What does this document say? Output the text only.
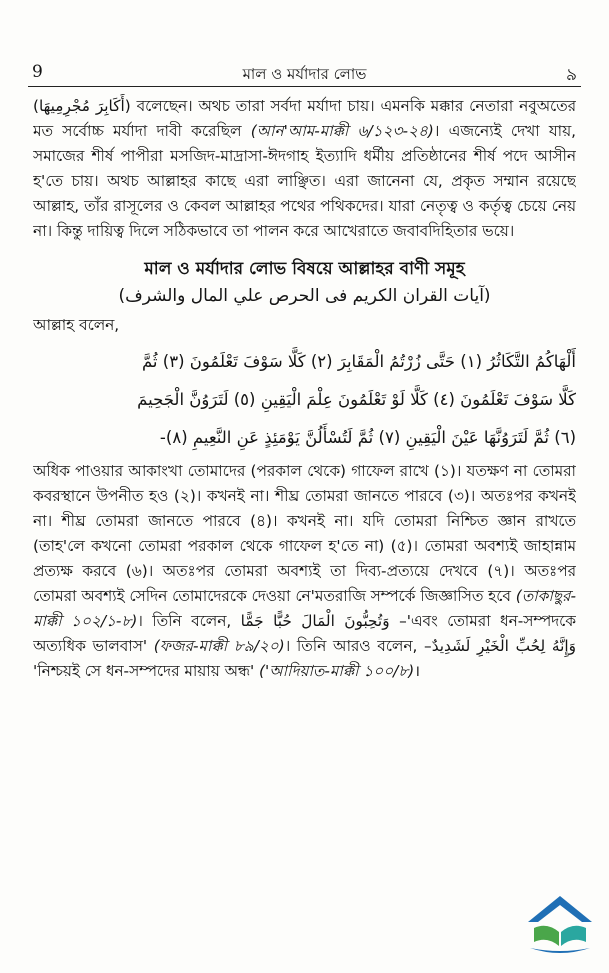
9	মাল ও মর্যাদার লোভ	৯

(أَكَابِرَ مُجْرِمِيهَا) বলেছেন। অথচ তারা সর্বদা মর্যাদা চায়। এমনকি মক্কার নেতারা নবুঅতের মত সর্বোচ্চ মর্যাদা দাবী করেছিল (আন'আম-মাক্কী ৬/১২৩-২৪)। এজন্যেই দেখা যায়, সমাজের শীর্ষ পাপীরা মসজিদ-মাদ্রাসা-ঈদগাহ ইত্যাদি ধর্মীয় প্রতিষ্ঠানের শীর্ষ পদে আসীন হ'তে চায়। অথচ আল্লাহর কাছে এরা লাঞ্ছিত। এরা জানেনা যে, প্রকৃত সম্মান রয়েছে আল্লাহ, তাঁর রাসূলের ও কেবল আল্লাহর পথের পথিকদের। যারা নেতৃত্ব ও কর্তৃত্ব চেয়ে নেয় না। কিন্তু দায়িত্ব দিলে সঠিকভাবে তা পালন করে আখেরাতে জবাবদিহিতার ভয়ে।

মাল ও মর্যাদার লোভ বিষয়ে আল্লাহর বাণী সমূহ
(آيات القران الكريم فى الحرص علي المال والشرف)
আল্লাহ বলেন,
أَلْهَاكُمُ التَّكَاثُرُ (١) حَتَّى زُرْتُمُ الْمَقَابِرَ (٢) كَلَّا سَوْفَ تَعْلَمُونَ (٣) ثُمَّ
كَلَّا سَوْفَ تَعْلَمُونَ (٤) كَلَّا لَوْ تَعْلَمُونَ عِلْمَ الْيَقِينِ (٥) لَتَرَوُنَّ الْجَحِيمَ
(٦) ثُمَّ لَتَرَوُنَّهَا عَيْنَ الْيَقِينِ (٧) ثُمَّ لَتُسْأَلُنَّ يَوْمَئِذٍ عَنِ النَّعِيمِ (٨)-

অধিক পাওয়ার আকাংখা তোমাদের (পরকাল থেকে) গাফেল রাখে (১)। যতক্ষণ না তোমরা কবরস্থানে উপনীত হও (২)। কখনই না। শীঘ্র তোমরা জানতে পারবে (৩)। অতঃপর কখনই না। শীঘ্র তোমরা জানতে পারবে (৪)। কখনই না। যদি তোমরা নিশ্চিত জ্ঞান রাখতে (তাহ'লে কখনো তোমরা পরকাল থেকে গাফেল হ'তে না) (৫)। তোমরা অবশ্যই জাহান্নাম প্রত্যক্ষ করবে (৬)। অতঃপর তোমরা অবশ্যই তা দিব্য-প্রত্যয়ে দেখবে (৭)। অতঃপর তোমরা অবশ্যই সেদিন তোমাদেরকে দেওয়া নে'মতরাজি সম্পর্কে জিজ্ঞাসিত হবে (তাকাছুর-মাক্কী ১০২/১-৮)। তিনি বলেন, وَتُحِبُّونَ الْمَالَ حُبًّا جَمًّا –'এবং তোমরা ধন-সম্পদকে অত্যধিক ভালবাস' (ফজর-মাক্কী ৮৯/২০)। তিনি আরও বলেন, –وَإِنَّهُ لِحُبِّ الْخَيْرِ لَشَدِيدٌ 'নিশ্চয়ই সে ধন-সম্পদের মায়ায় অন্ধ' ('আদিয়াত-মাক্কী ১০০/৮)।
